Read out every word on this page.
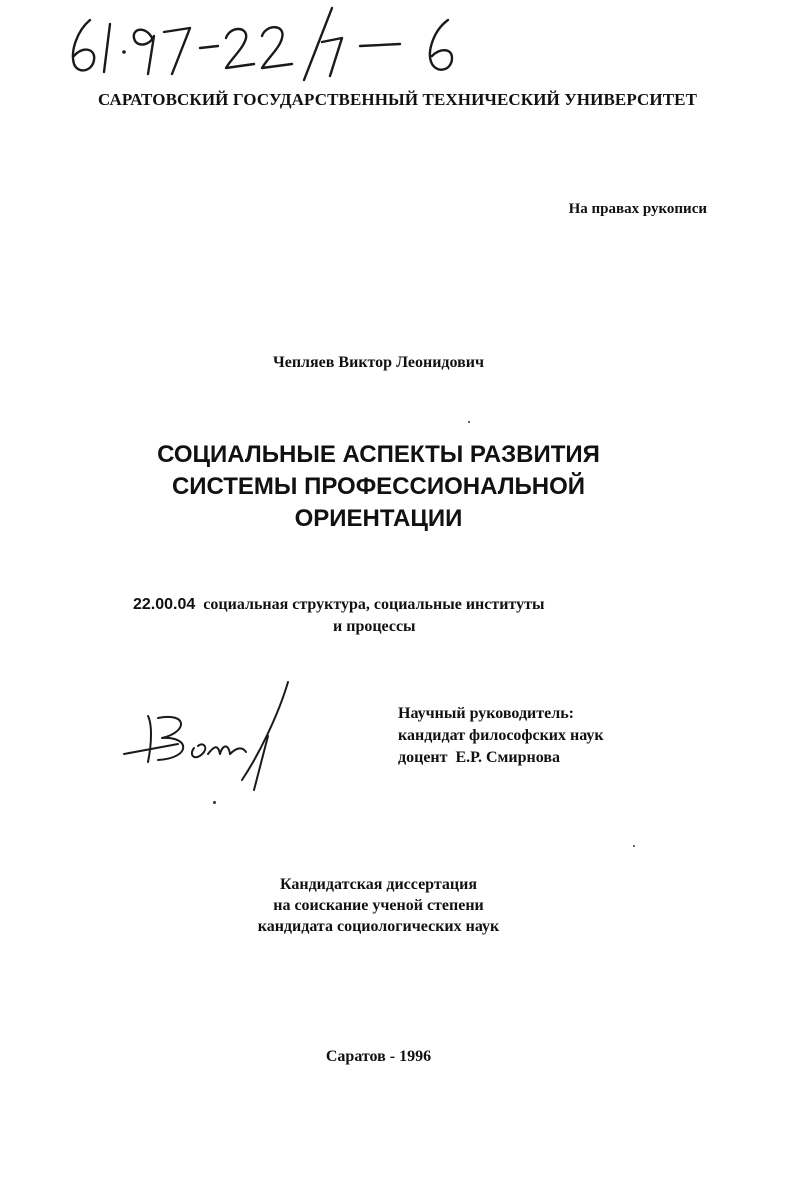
САРАТОВСКИЙ ГОСУДАРСТВЕННЫЙ ТЕХНИЧЕСКИЙ УНИВЕРСИТЕТ
На правах рукописи
Чепляев Виктор Леонидович
СОЦИАЛЬНЫЕ АСПЕКТЫ РАЗВИТИЯ
СИСТЕМЫ ПРОФЕССИОНАЛЬНОЙ
ОРИЕНТАЦИИ
22.00.04 социальная структура, социальные институты
и процессы
Научный руководитель:
кандидат философских наук
доцент  Е.Р. Смирнова
Кандидатская диссертация
на соискание ученой степени
кандидата социологических наук
Саратов - 1996
